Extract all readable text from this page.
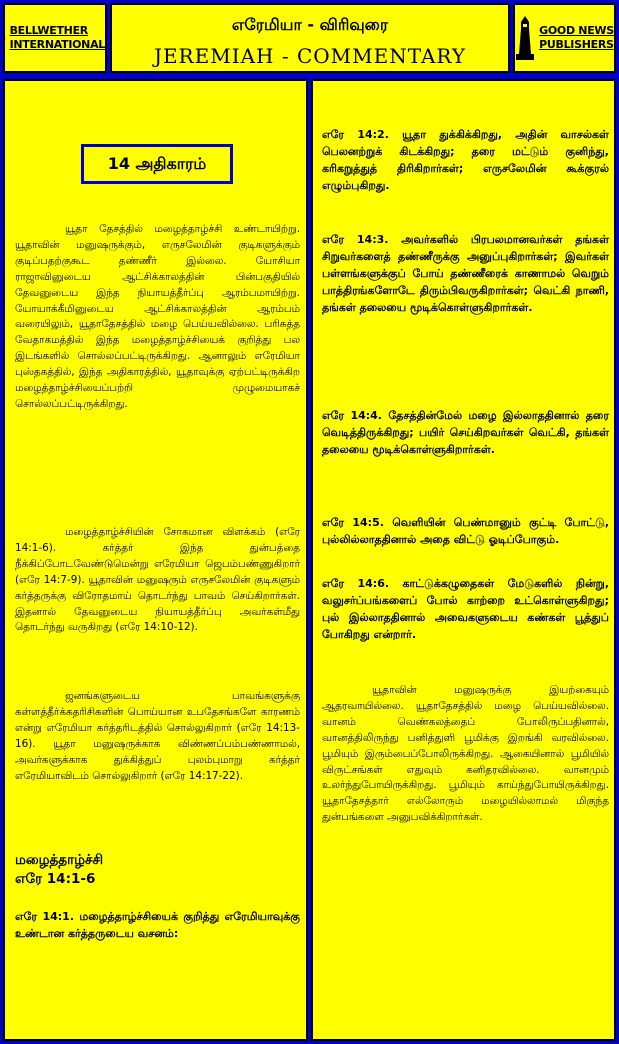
BELLWETHER
INTERNATIONAL
எரேமியா - விரிவுரை
JEREMIAH - COMMENTARY
GOOD NEWS
PUBLISHERS
14 அதிகாரம்

யூதா தேசத்தில் மழைத்தாழ்ச்சி உண்டாயிற்று. யூதாவின் மனுஷருக்கும், எருசலேமின் குடிகளுக்கும் குடிப்பதற்குகூட தண்ணீர் இல்லை. யோசியா ராஜாவினுடைய ஆட்சிக்காலத்தின் பின்பகுதியில் தேவனுடைய இந்த நியாயத்தீர்ப்பு ஆரம்பமாயிற்று. யோயாக்கீமினுடைய ஆட்சிக்காலத்தின் ஆரம்பம் வரையிலும், யூதாதேசத்தில் மழை பெய்யவில்லை. பரிசுத்த வேதாகமத்தில் இந்த மழைத்தாழ்ச்சியைக் குறித்து பல இடங்களில் சொல்லப்பட்டிருக்கிறது. ஆனாலும் எரேமியா புஸ்தகத்தில், இந்த அதிகாரத்தில், யூதாவுக்கு ஏற்பட்டிருக்கிற மழைத்தாழ்ச்சியைப்பற்றி முழுமையாகச் சொல்லப்பட்டிருக்கிறது.

மழைத்தாழ்ச்சியின் சோகமான விளக்கம் (எரே 14:1-6). கர்த்தர் இந்த துன்பத்தை நீக்கிப்போடவேண்டுமென்று எரேமியா ஜெபம்பண்ணுகிறார் (எரே 14:7-9). யூதாவின் மனுஷரும் எருசலேமின் குடிகளும் கர்த்தருக்கு விரோதமாய் தொடர்ந்து பாவம் செய்கிறார்கள். இதனால் தேவனுடைய நியாயத்தீர்ப்பு அவர்கள்மீது தொடர்ந்து வருகிறது (எரே 14:10-12).

ஜனங்களுடைய பாவங்களுக்கு கள்ளத்தீர்க்கதரிசிகளின் பொய்யான உபதேசங்களே காரணம் என்று எரேமியா கர்த்தரிடத்தில் சொல்லுகிறார் (எரே 14:13-16). யூதா மனுஷருக்காக விண்ணப்பம்பண்ணாமல், அவர்களுக்காக துக்கித்துப் புலம்புமாறு கர்த்தர் எரேமியாவிடம் சொல்லுகிறார் (எரே 14:17-22).

மழைத்தாழ்ச்சி
எரே 14:1-6

எரே 14:1. மழைத்தாழ்ச்சியைக் குறித்து எரேமியாவுக்கு உண்டான கர்த்தருடைய வசனம்:

எரே 14:2. யூதா துக்கிக்கிறது, அதின் வாசல்கள் பெலனற்றுக் கிடக்கிறது; தரை மட்டும் குனிந்து, கரிகறுத்துத் திரிகிறார்கள்; எருசலேமின் கூக்குரல் எழும்புகிறது.

எரே 14:3. அவர்களில் பிரபலமானவர்கள் தங்கள் சிறுவர்களைத் தண்ணீருக்கு அனுப்புகிறார்கள்; இவர்கள் பள்ளங்களுக்குப் போய் தண்ணீரைக் காணாமல் வெறும் பாத்திரங்களோடே திரும்பிவருகிறார்கள்; வெட்கி நாணி, தங்கள் தலையை மூடிக்கொள்ளுகிறார்கள்.

எரே 14:4. தேசத்தின்மேல் மழை இல்லாததினால் தரை வெடித்திருக்கிறது; பயிர் செய்கிறவர்கள் வெட்கி, தங்கள் தலையை மூடிக்கொள்ளுகிறார்கள்.

எரே 14:5. வெளியின் பெண்மானும் குட்டி போட்டு, புல்லில்லாததினால் அதை விட்டு ஓடிப்போகும்.

எரே 14:6. காட்டுக்கழுதைகள் மேடுகளில் நின்று, வலுசர்ப்பங்களைப் போல் காற்றை உட்கொள்ளுகிறது; புல் இல்லாததினால் அவைகளுடைய கண்கள் பூத்துப் போகிறது என்றார்.

யூதாவின் மனுஷருக்கு இயற்கையும் ஆதரவாயில்லை. யூதாதேசத்தில் மழை பெய்யவில்லை. வானம் வெண்கலத்தைப் போலிருப்பதினால், வானத்திலிருந்து பனித்துளி பூமிக்கு இறங்கி வரவில்லை. பூமியும் இரும்பைப்போலிருக்கிறது. ஆகையினால் பூமியில் விருட்சங்கள் எதுவும் கனிதரவில்லை. வானமும் உலர்ந்துபோயிருக்கிறது. பூமியும் காய்ந்துபோயிருக்கிறது. யூதாதேசத்தார் எல்லோரும் மழையில்லாமல் மிகுந்த துன்பங்களை அனுபவிக்கிறார்கள்.
